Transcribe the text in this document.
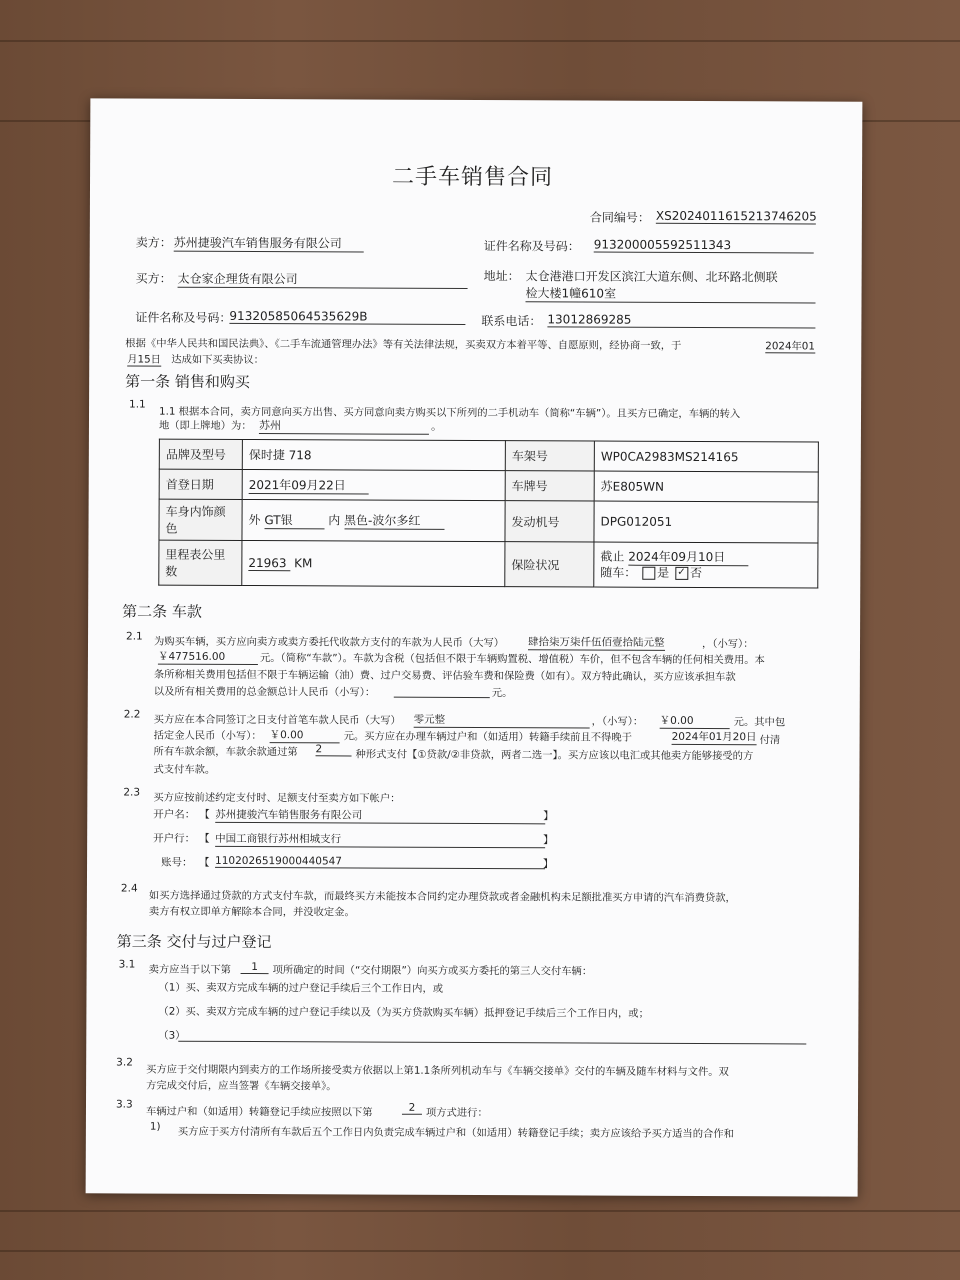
二手车销售合同
合同编号： XS20240116152137​46205
卖方： 苏州捷骏汽车销售服务有限公司	证件名称及号码： 913200005592511343
买方： 太仓家企理货有限公司	地址： 太仓港港口开发区滨江大道东侧、北环路北侧联
检大楼1幢610室
证件名称及号码：
91320585064535629B	联系电话： 13012869285
根据《中华人民共和国民法典》、《二手车流通管理办法》等有关法律法规，买卖双方本着平等、自愿原则，经协商一致，于	2024年01
月15日 达成如下买卖协议：
第一条 销售和购买
1.1
1.1 根据本合同，卖方同意向买方出售、买方同意向卖方购买以下所列的二手机动车（简称“车辆”）。且买方已确定，车辆的转入
地（即上牌地）为： 苏州	。
品牌及型号	保时捷 718	车架号	WP0CA2983MS214165
首登日期	2021年09月22日	车牌号	苏E805WN
车身内饰颜色	外 GT银 内 黑色-波尔多红	发动机号	DPG012051
里程表公里数	21963 KM	保险状况	截止 2024年09月10日
随车： 是 ✓ 否
第二条 车款
2.1 为购买车辆，买方应向卖方或卖方委托代收款方支付的车款为人民币（大写） 肆拾柒万柒仟伍佰壹拾陆元整	，（小写）：
￥477516.00	元。（简称“车款”）。车款为含税（包括但不限于车辆购置税、增值税）车价，但不包含车辆的任何相关费用。本
条所称相关费用包括但不限于车辆运输（油）费、过户交易费、评估验车费和保险费（如有）。双方特此确认，买方应该承担车款
以及所有相关费用的总金额总计人民币（小写）：	元。
2.2 买方应在本合同签订之日支付首笔车款人民币（大写） 零元整	，（小写）： ￥0.00	元。其中包
括定金人民币（小写）： ￥0.00	元。买方应在办理车辆过户和（如适用）转籍手续前且不得晚于	2024年01月20日 付清
所有车款余额，车款余款通过第 2	种形式支付【①贷款/②非贷款，两者二选一】。买方应该以电汇或其他卖方能够接受的方
式支付车款。
2.3 买方应按前述约定支付时、足额支付至卖方如下帐户：
开户名： 【 苏州捷骏汽车销售服务有限公司	】
开户行： 【 中国工商银行苏州相城支行	】
账号： 【 1102026519000440547	】
2.4
如买方选择通过贷款的方式支付车款，而最终买方未能按本合同约定办理贷款或者金融机构未足额批准买方申请的汽车消费贷款，
卖方有权立即单方解除本合同，并没收定金。
第三条 交付与过户登记
3.1 卖方应当于以下第	1	项所确定的时间（“交付期限”）向买方或买方委托的第三人交付车辆：
（1）买、卖双方完成车辆的过户登记手续后三个工作日内，或
（2）买、卖双方完成车辆的过户登记手续以及（为买方贷款购买车辆）抵押登记手续后三个工作日内，或；
（3）
3.2
买方应于交付期限内到卖方的工作场所接受卖方依据以上第1.1条所列机动车与《车辆交接单》交付的车辆及随车材料与文件。双
方完成交付后，应当签署《车辆交接单》。
3.3
车辆过户和（如适用）转籍登记手续应按照以下第	2	项方式进行：
1) 买方应于买方付清所有车款后五个工作日内负责完成车辆过户和（如适用）转籍登记手续；卖方应该给予买方适当的合作和
